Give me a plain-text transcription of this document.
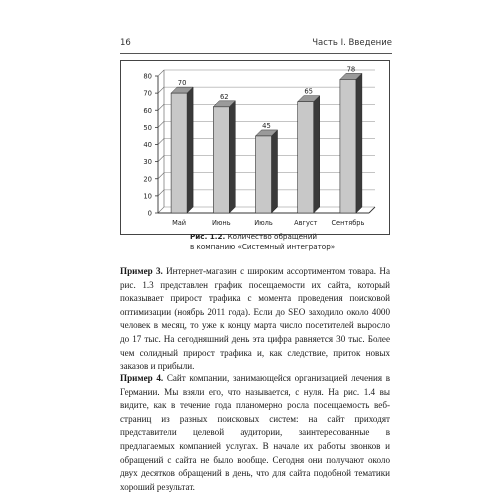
16	Часть I. Введение
0
10
20
30
40
50
60
70
80
70
Май
62
Июнь
45
Июль
65
Август
78
Сентябрь
Рис. 1.2. Количество обращений
в компанию «Системный интегратор»
Пример 3. Интернет-магазин с широким ассортиментом товара. На рис. 1.3 представлен график посещаемости их сайта, который показывает прирост трафика с момента проведения поисковой оптимизации (ноябрь 2011 года). Если до SEO заходило около 4000 человек в месяц, то уже к концу марта число посетителей выросло до 17 тыс. На сегодняшний день эта цифра равняется 30 тыс. Более чем солидный прирост трафика и, как следствие, приток новых заказов и прибыли.
Пример 4. Сайт компании, занимающейся организацией лечения в Германии. Мы взяли его, что называется, с нуля. На рис. 1.4 вы видите, как в течение года планомерно росла посещаемость веб-страниц из разных поисковых систем: на сайт приходят представители целевой аудитории, заинтересованные в предлагаемых компанией услугах. В начале их работы звонков и обращений с сайта не было вообще. Сегодня они получают около двух десятков обращений в день, что для сайта подобной тематики хороший результат.
